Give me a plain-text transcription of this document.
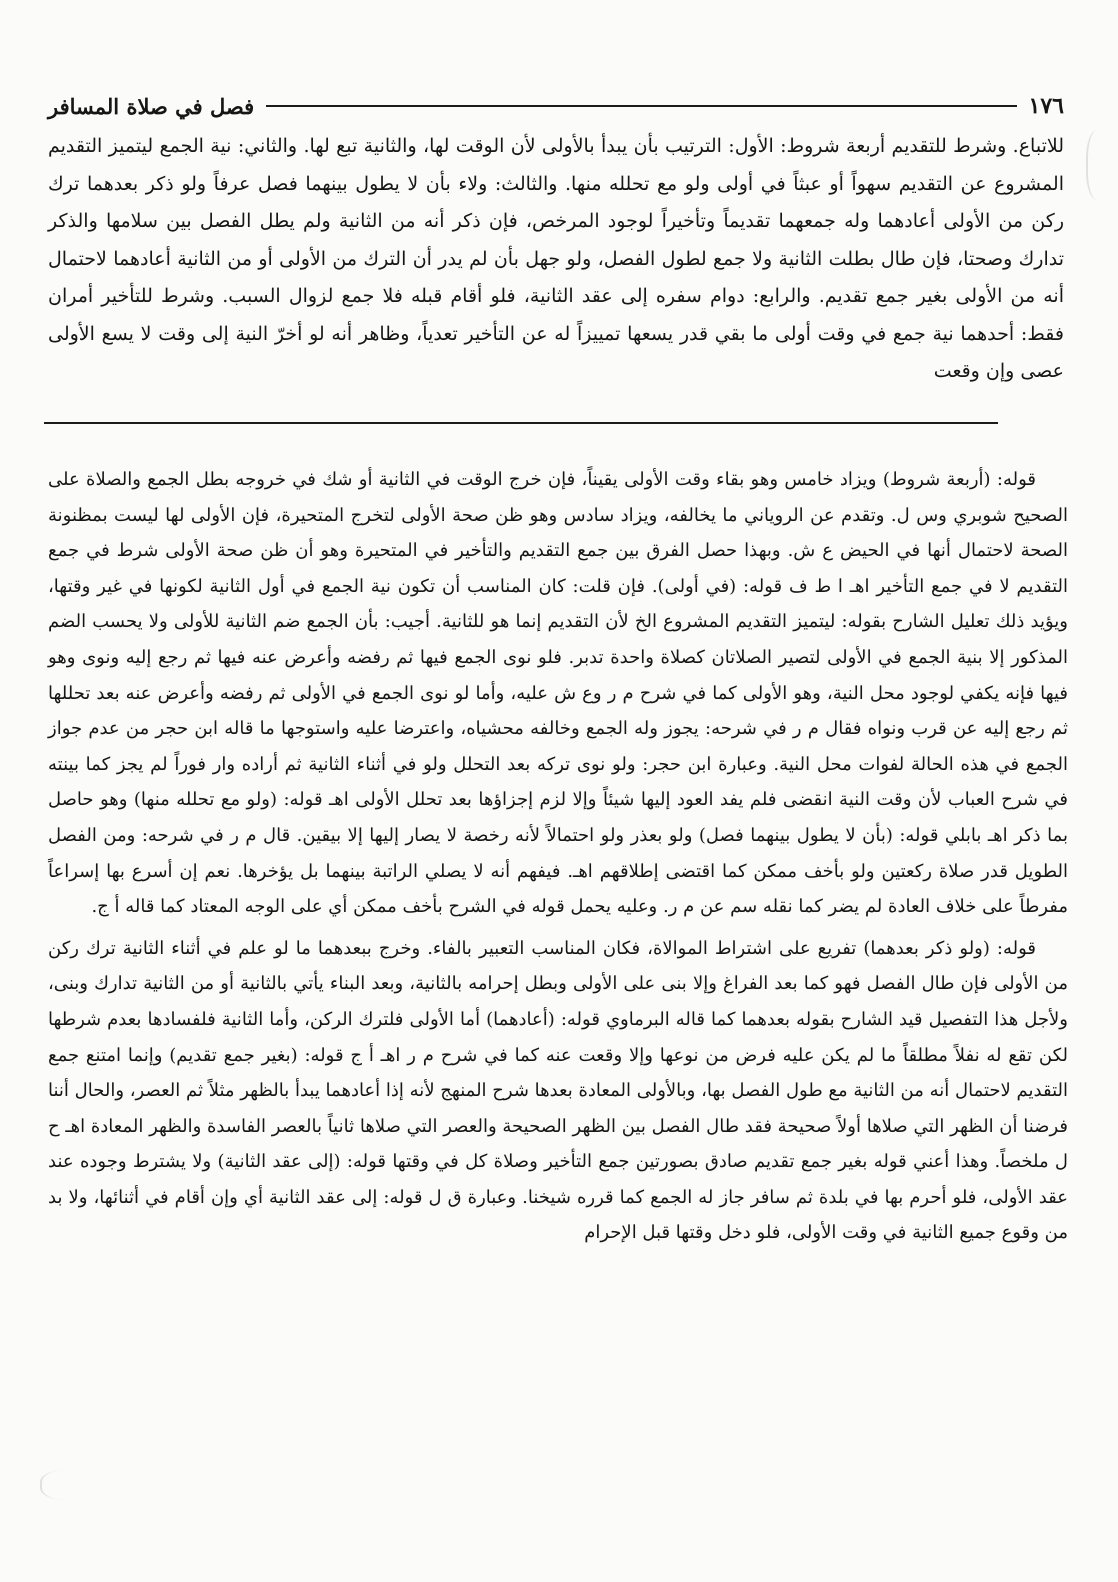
١٧٦
فصل في صلاة المسافر

للاتباع. وشرط للتقديم أربعة شروط: الأول: الترتيب بأن يبدأ بالأولى لأن الوقت لها، والثانية تبع لها. والثاني: نية الجمع ليتميز التقديم المشروع عن التقديم سهواً أو عبثاً في أولى ولو مع تحلله منها. والثالث: ولاء بأن لا يطول بينهما فصل عرفاً ولو ذكر بعدهما ترك ركن من الأولى أعادهما وله جمعهما تقديماً وتأخيراً لوجود المرخص، فإن ذكر أنه من الثانية ولم يطل الفصل بين سلامها والذكر تدارك وصحتا، فإن طال بطلت الثانية ولا جمع لطول الفصل، ولو جهل بأن لم يدر أن الترك من الأولى أو من الثانية أعادهما لاحتمال أنه من الأولى بغير جمع تقديم. والرابع: دوام سفره إلى عقد الثانية، فلو أقام قبله فلا جمع لزوال السبب. وشرط للتأخير أمران فقط: أحدهما نية جمع في وقت أولى ما بقي قدر يسعها تمييزاً له عن التأخير تعدياً، وظاهر أنه لو أخرّ النية إلى وقت لا يسع الأولى عصى وإن وقعت

قوله: (أربعة شروط) ويزاد خامس وهو بقاء وقت الأولى يقيناً، فإن خرج الوقت في الثانية أو شك في خروجه بطل الجمع والصلاة على الصحيح شوبري وس ل. وتقدم عن الروياني ما يخالفه، ويزاد سادس وهو ظن صحة الأولى لتخرج المتحيرة، فإن الأولى لها ليست بمظنونة الصحة لاحتمال أنها في الحيض ع ش. وبهذا حصل الفرق بين جمع التقديم والتأخير في المتحيرة وهو أن ظن صحة الأولى شرط في جمع التقديم لا في جمع التأخير اهـ ا ط ف قوله: (في أولى). فإن قلت: كان المناسب أن تكون نية الجمع في أول الثانية لكونها في غير وقتها، ويؤيد ذلك تعليل الشارح بقوله: ليتميز التقديم المشروع الخ لأن التقديم إنما هو للثانية. أجيب: بأن الجمع ضم الثانية للأولى ولا يحسب الضم المذكور إلا بنية الجمع في الأولى لتصير الصلاتان كصلاة واحدة تدبر. فلو نوى الجمع فيها ثم رفضه وأعرض عنه فيها ثم رجع إليه ونوى وهو فيها فإنه يكفي لوجود محل النية، وهو الأولى كما في شرح م ر وع ش عليه، وأما لو نوى الجمع في الأولى ثم رفضه وأعرض عنه بعد تحللها ثم رجع إليه عن قرب ونواه فقال م ر في شرحه: يجوز وله الجمع وخالفه محشياه، واعترضا عليه واستوجها ما قاله ابن حجر من عدم جواز الجمع في هذه الحالة لفوات محل النية. وعبارة ابن حجر: ولو نوى تركه بعد التحلل ولو في أثناء الثانية ثم أراده وار فوراً لم يجز كما بينته في شرح العباب لأن وقت النية انقضى فلم يفد العود إليها شيئاً وإلا لزم إجزاؤها بعد تحلل الأولى اهـ قوله: (ولو مع تحلله منها) وهو حاصل بما ذكر اهـ بابلي قوله: (بأن لا يطول بينهما فصل) ولو بعذر ولو احتمالاً لأنه رخصة لا يصار إليها إلا بيقين. قال م ر في شرحه: ومن الفصل الطويل قدر صلاة ركعتين ولو بأخف ممكن كما اقتضى إطلاقهم اهـ. فيفهم أنه لا يصلي الراتبة بينهما بل يؤخرها. نعم إن أسرع بها إسراعاً مفرطاً على خلاف العادة لم يضر كما نقله سم عن م ر. وعليه يحمل قوله في الشرح بأخف ممكن أي على الوجه المعتاد كما قاله أ ج.

قوله: (ولو ذكر بعدهما) تفريع على اشتراط الموالاة، فكان المناسب التعبير بالفاء. وخرج ببعدهما ما لو علم في أثناء الثانية ترك ركن من الأولى فإن طال الفصل فهو كما بعد الفراغ وإلا بنى على الأولى وبطل إحرامه بالثانية، وبعد البناء يأتي بالثانية أو من الثانية تدارك وبنى، ولأجل هذا التفصيل قيد الشارح بقوله بعدهما كما قاله البرماوي قوله: (أعادهما) أما الأولى فلترك الركن، وأما الثانية فلفسادها بعدم شرطها لكن تقع له نفلاً مطلقاً ما لم يكن عليه فرض من نوعها وإلا وقعت عنه كما في شرح م ر اهـ أ ج قوله: (بغير جمع تقديم) وإنما امتنع جمع التقديم لاحتمال أنه من الثانية مع طول الفصل بها، وبالأولى المعادة بعدها شرح المنهج لأنه إذا أعادهما يبدأ بالظهر مثلاً ثم العصر، والحال أننا فرضنا أن الظهر التي صلاها أولاً صحيحة فقد طال الفصل بين الظهر الصحيحة والعصر التي صلاها ثانياً بالعصر الفاسدة والظهر المعادة اهـ ح ل ملخصاً. وهذا أعني قوله بغير جمع تقديم صادق بصورتين جمع التأخير وصلاة كل في وقتها قوله: (إلى عقد الثانية) ولا يشترط وجوده عند عقد الأولى، فلو أحرم بها في بلدة ثم سافر جاز له الجمع كما قرره شيخنا. وعبارة ق ل قوله: إلى عقد الثانية أي وإن أقام في أثنائها، ولا بد من وقوع جميع الثانية في وقت الأولى، فلو دخل وقتها قبل الإحرام
